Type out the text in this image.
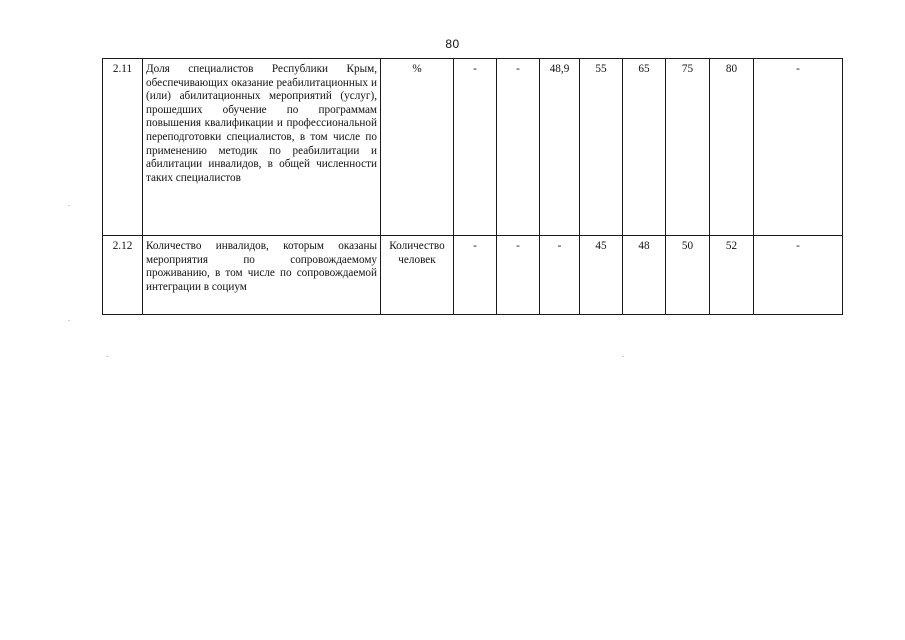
80
2.11	Доля специалистов Республики Крым, обеспечивающих оказание реабилитационных и (или) абилитационных мероприятий (услуг), прошедших обучение по программам повышения квалификации и профессиональной переподготовки специалистов, в том числе по применению методик по реабилитации и абилитации инвалидов, в общей численности таких специалистов	%	-	-	48,9	55	65	75	80	-
2.12	Количество инвалидов, которым оказаны мероприятия по сопровождаемому проживанию, в том числе по сопровождаемой интеграции в социум	Количество человек	-	-	-	45	48	50	52	-
